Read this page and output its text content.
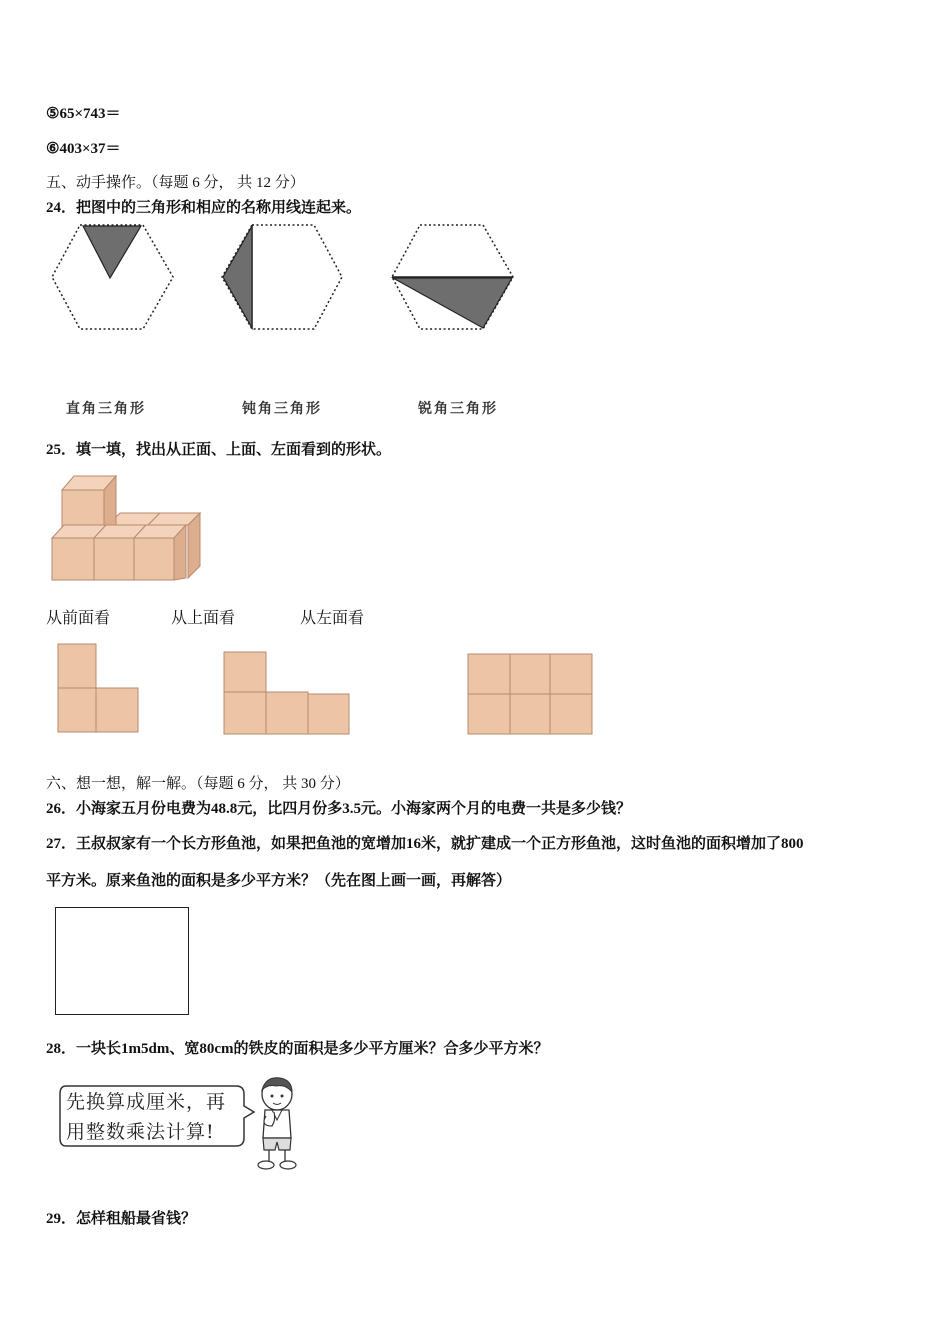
⑤65×743＝
⑥403×37＝
五、动手操作。（每题 6 分， 共 12 分）
24．把图中的三角形和相应的名称用线连起来。
直角三角形	钝角三角形	锐角三角形
25．填一填，找出从正面、上面、左面看到的形状。
从前面看	从上面看	从左面看
六、想一想，解一解。（每题 6 分， 共 30 分）
26．小海家五月份电费为48.8元，比四月份多3.5元。小海家两个月的电费一共是多少钱？
27．王叔叔家有一个长方形鱼池，如果把鱼池的宽增加16米，就扩建成一个正方形鱼池，这时鱼池的面积增加了800
平方米。原来鱼池的面积是多少平方米？（先在图上画一画，再解答）
28．一块长1m5dm、宽80cm的铁皮的面积是多少平方厘米？合多少平方米？
先换算成厘米，再
用整数乘法计算!
29．怎样租船最省钱？
